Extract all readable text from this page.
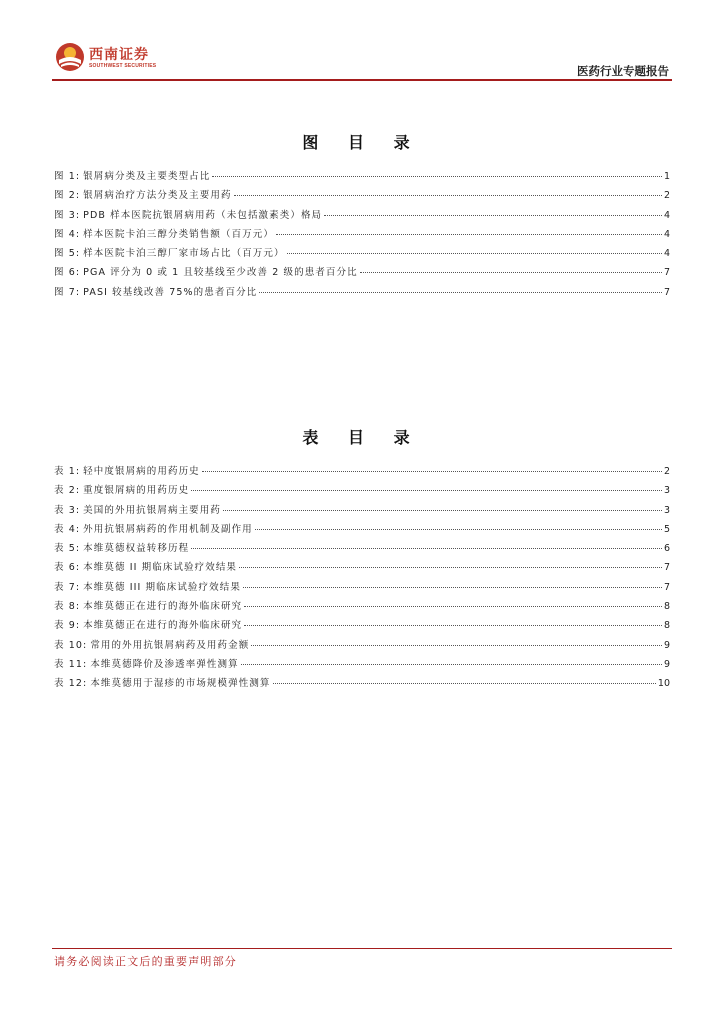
西南证券
SOUTHWEST SECURITIES	医药行业专题报告
图 目 录
图 1: 银屑病分类及主要类型占比	1
图 2: 银屑病治疗方法分类及主要用药	2
图 3: PDB 样本医院抗银屑病用药（未包括激素类）格局	4
图 4: 样本医院卡泊三醇分类销售额（百万元）	4
图 5: 样本医院卡泊三醇厂家市场占比（百万元）	4
图 6: PGA 评分为 0 或 1 且较基线至少改善 2 级的患者百分比	7
图 7: PASI 较基线改善 75%的患者百分比	7
表 目 录
表 1: 轻中度银屑病的用药历史	2
表 2: 重度银屑病的用药历史	3
表 3: 美国的外用抗银屑病主要用药	3
表 4: 外用抗银屑病药的作用机制及副作用	5
表 5: 本维莫德权益转移历程	6
表 6: 本维莫德 II 期临床试验疗效结果	7
表 7: 本维莫德 III 期临床试验疗效结果	7
表 8: 本维莫德正在进行的海外临床研究	8
表 9: 本维莫德正在进行的海外临床研究	8
表 10: 常用的外用抗银屑病药及用药金额	9
表 11: 本维莫德降价及渗透率弹性测算	9
表 12: 本维莫德用于湿疹的市场规模弹性测算	10
请务必阅读正文后的重要声明部分
